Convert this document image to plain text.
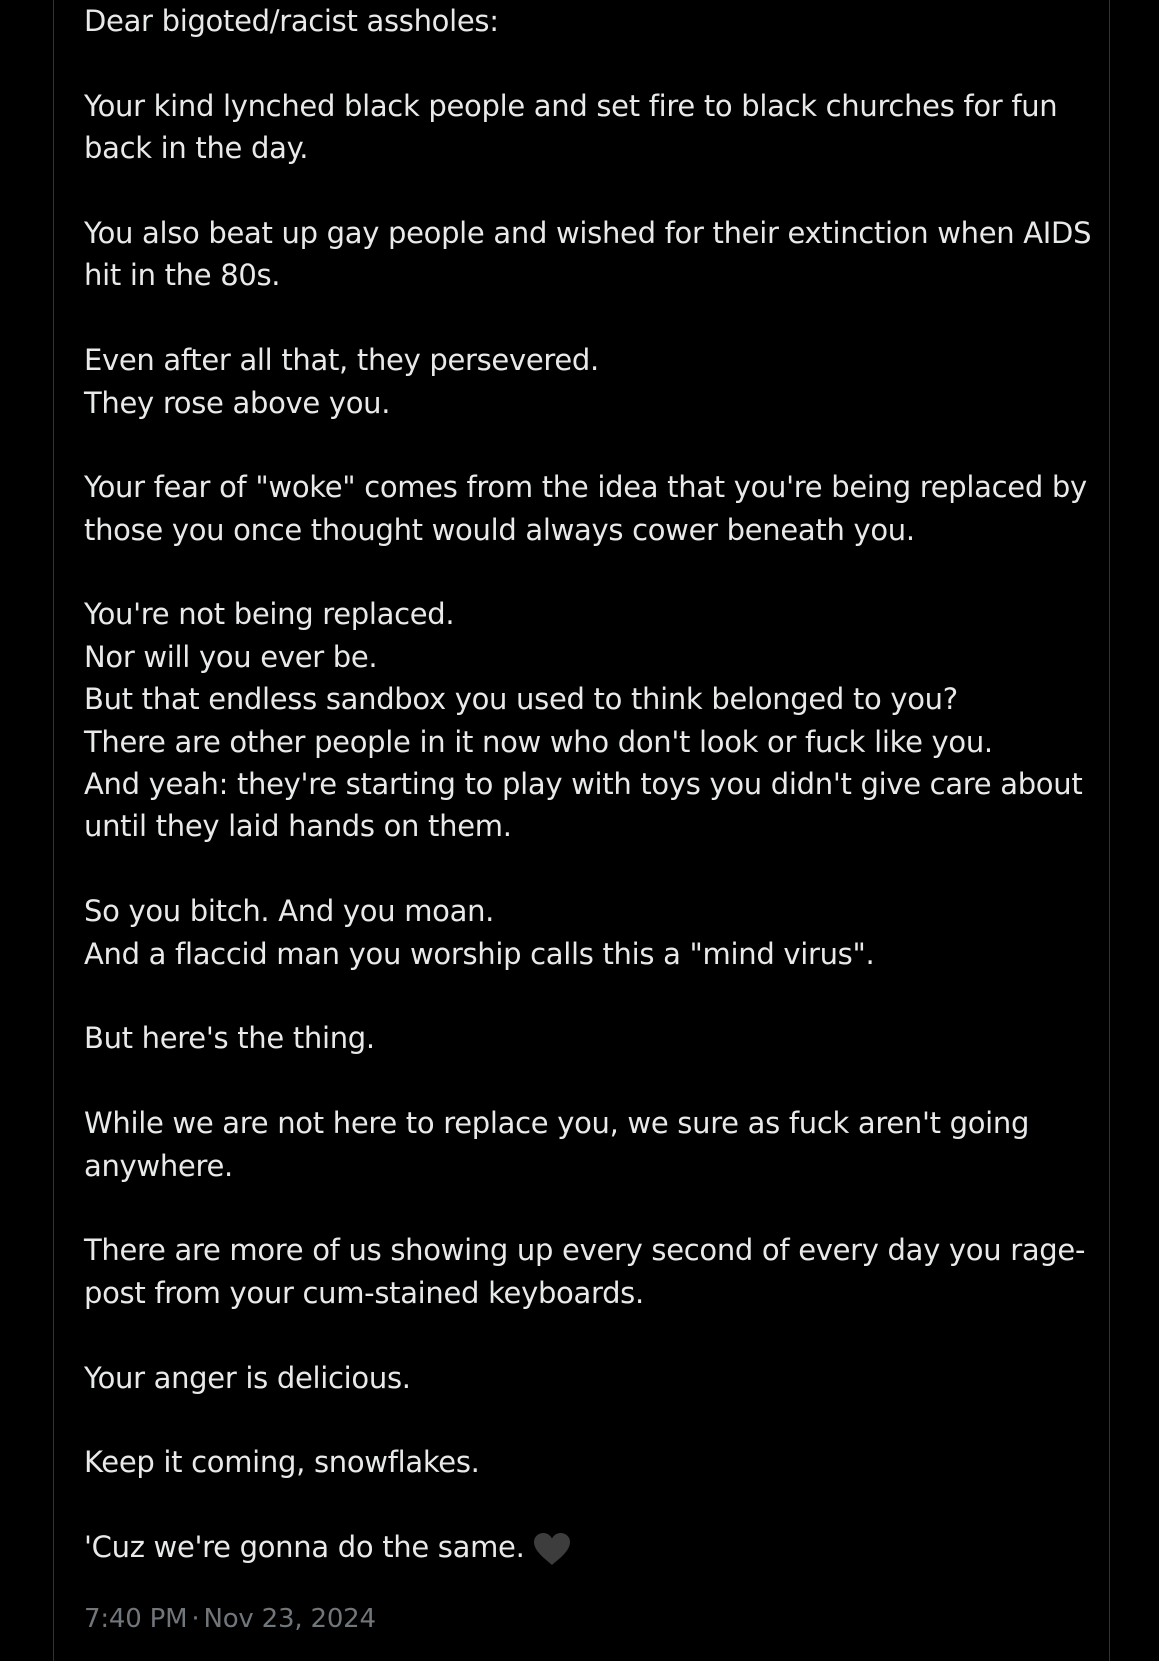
Dear bigoted/racist assholes:

Your kind lynched black people and set fire to black churches for fun
back in the day.

You also beat up gay people and wished for their extinction when AIDS
hit in the 80s.

Even after all that, they persevered.
They rose above you.

Your fear of "woke" comes from the idea that you're being replaced by
those you once thought would always cower beneath you.

You're not being replaced.
Nor will you ever be.
But that endless sandbox you used to think belonged to you?
There are other people in it now who don't look or fuck like you.
And yeah: they're starting to play with toys you didn't give care about
until they laid hands on them.

So you bitch. And you moan.
And a flaccid man you worship calls this a "mind virus".

But here's the thing.

While we are not here to replace you, we sure as fuck aren't going
anywhere.

There are more of us showing up every second of every day you rage-
post from your cum-stained keyboards.

Your anger is delicious.

Keep it coming, snowflakes.

'Cuz we're gonna do the same.
7:40 PM · Nov 23, 2024
